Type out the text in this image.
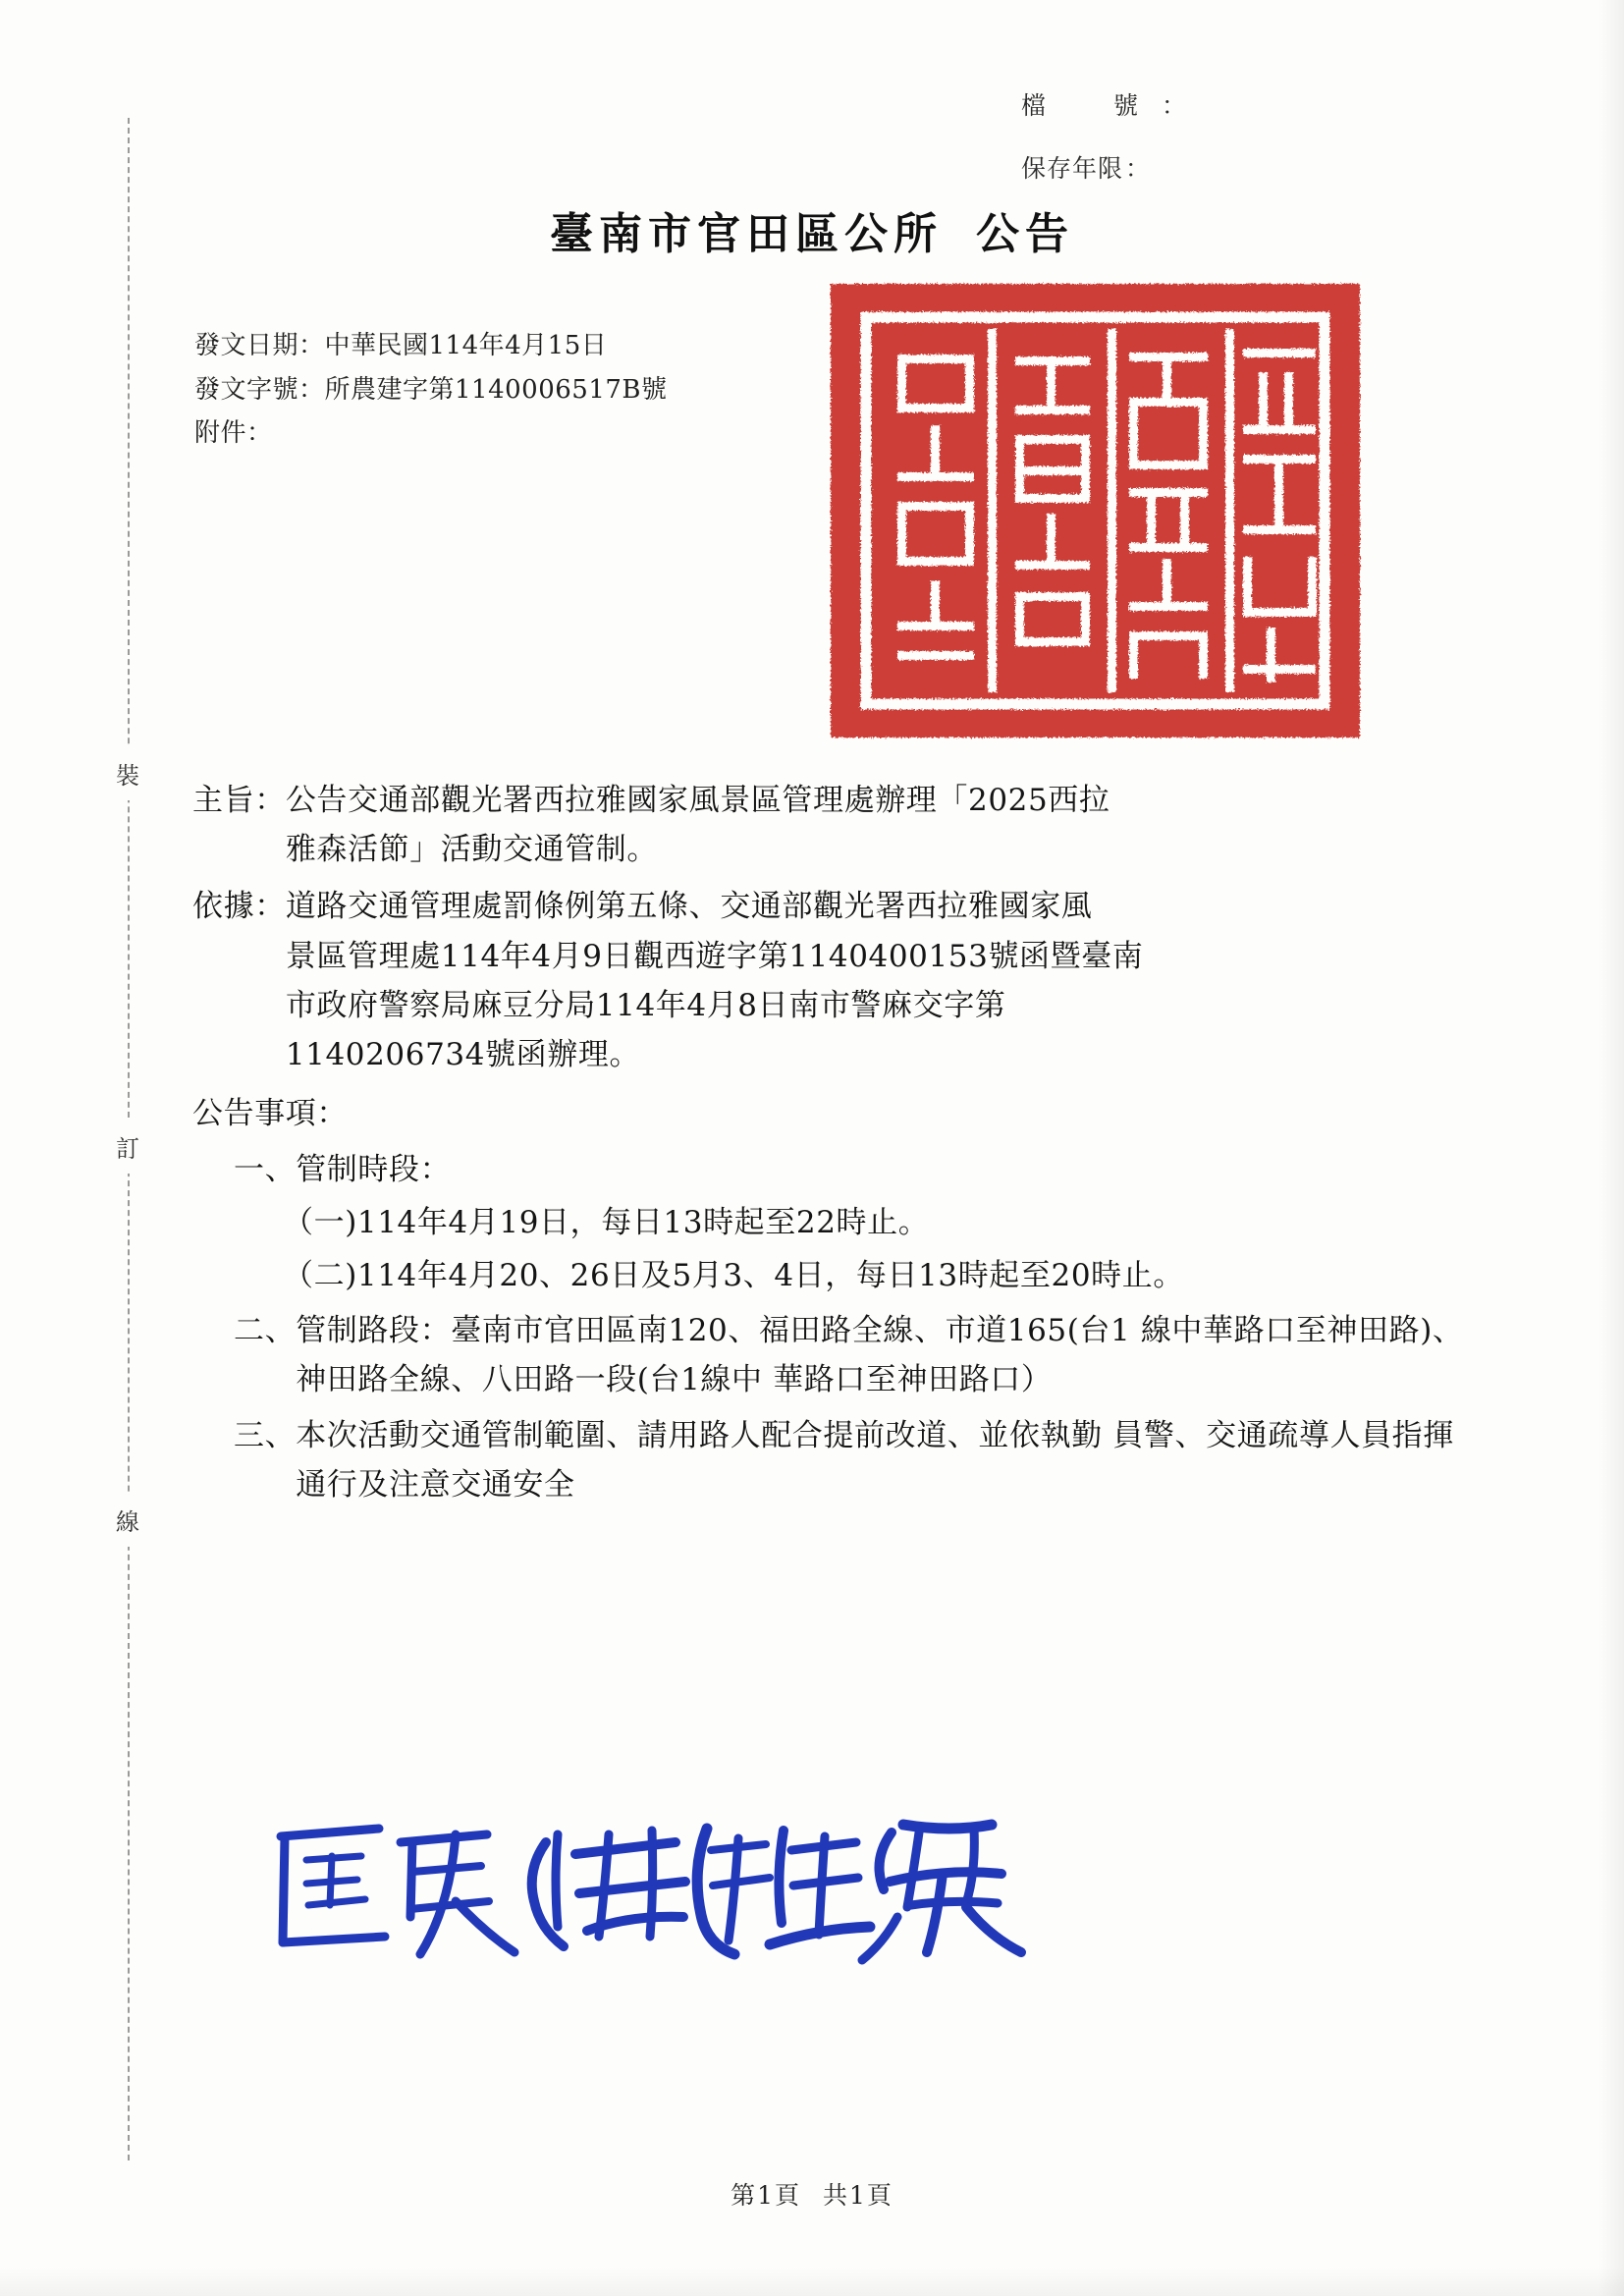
裝
訂
線
檔　號 ：
保存年限 ：
臺南市官田區公所 公告
發文日期：中華民國114年4月15日
發文字號：所農建字第1140006517B號
附件：
主旨： 公告交通部觀光署西拉雅國家風景區管理處辦理「2025西拉
雅森活節」活動交通管制。
依據： 道路交通管理處罰條例第五條、交通部觀光署西拉雅國家風
景區管理處114年4月9日觀西遊字第1140400153號函暨臺南
市政府警察局麻豆分局114年4月8日南市警麻交字第
1140206734號函辦理。
公告事項：
一、 管制時段：
（一)114年4月19日，每日13時起至22時止。
（二)114年4月20、26日及5月3、4日，每日13時起至20時止。
二、 管制路段：臺南市官田區南120、福田路全線、市道165(台1 線中華路口至神田路)、神田路全線、八田路一段(台1線中 華路口至神田路口）
三、 本次活動交通管制範圍、請用路人配合提前改道、並依執勤 員警、交通疏導人員指揮通行及注意交通安全
第1頁 共1頁
